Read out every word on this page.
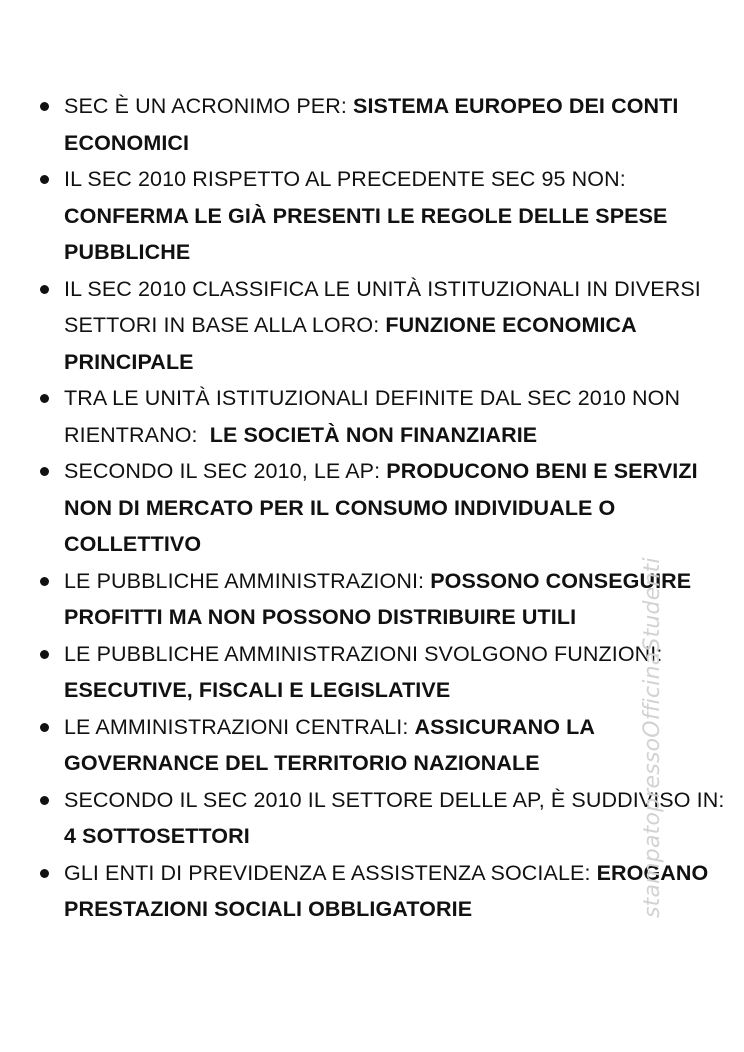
SEC È UN ACRONIMO PER: SISTEMA EUROPEO DEI CONTI ECONOMICI
IL SEC 2010 RISPETTO AL PRECEDENTE SEC 95 NON: CONFERMA LE GIÀ PRESENTI LE REGOLE DELLE SPESE PUBBLICHE
IL SEC 2010 CLASSIFICA LE UNITÀ ISTITUZIONALI IN DIVERSI SETTORI IN BASE ALLA LORO: FUNZIONE ECONOMICA PRINCIPALE
TRA LE UNITÀ ISTITUZIONALI DEFINITE DAL SEC 2010 NON RIENTRANO:  LE SOCIETÀ NON FINANZIARIE
SECONDO IL SEC 2010, LE AP: PRODUCONO BENI E SERVIZI NON DI MERCATO PER IL CONSUMO INDIVIDUALE O COLLETTIVO
LE PUBBLICHE AMMINISTRAZIONI: POSSONO CONSEGUIRE PROFITTI MA NON POSSONO DISTRIBUIRE UTILI
LE PUBBLICHE AMMINISTRAZIONI SVOLGONO FUNZIONI: ESECUTIVE, FISCALI E LEGISLATIVE
LE AMMINISTRAZIONI CENTRALI: ASSICURANO LA GOVERNANCE DEL TERRITORIO NAZIONALE
SECONDO IL SEC 2010 IL SETTORE DELLE AP, È SUDDIVISO IN: 4 SOTTOSETTORI
GLI ENTI DI PREVIDENZA E ASSISTENZA SOCIALE: EROGANO PRESTAZIONI SOCIALI OBBLIGATORIE	stampatopressoOfficinaStudenti
